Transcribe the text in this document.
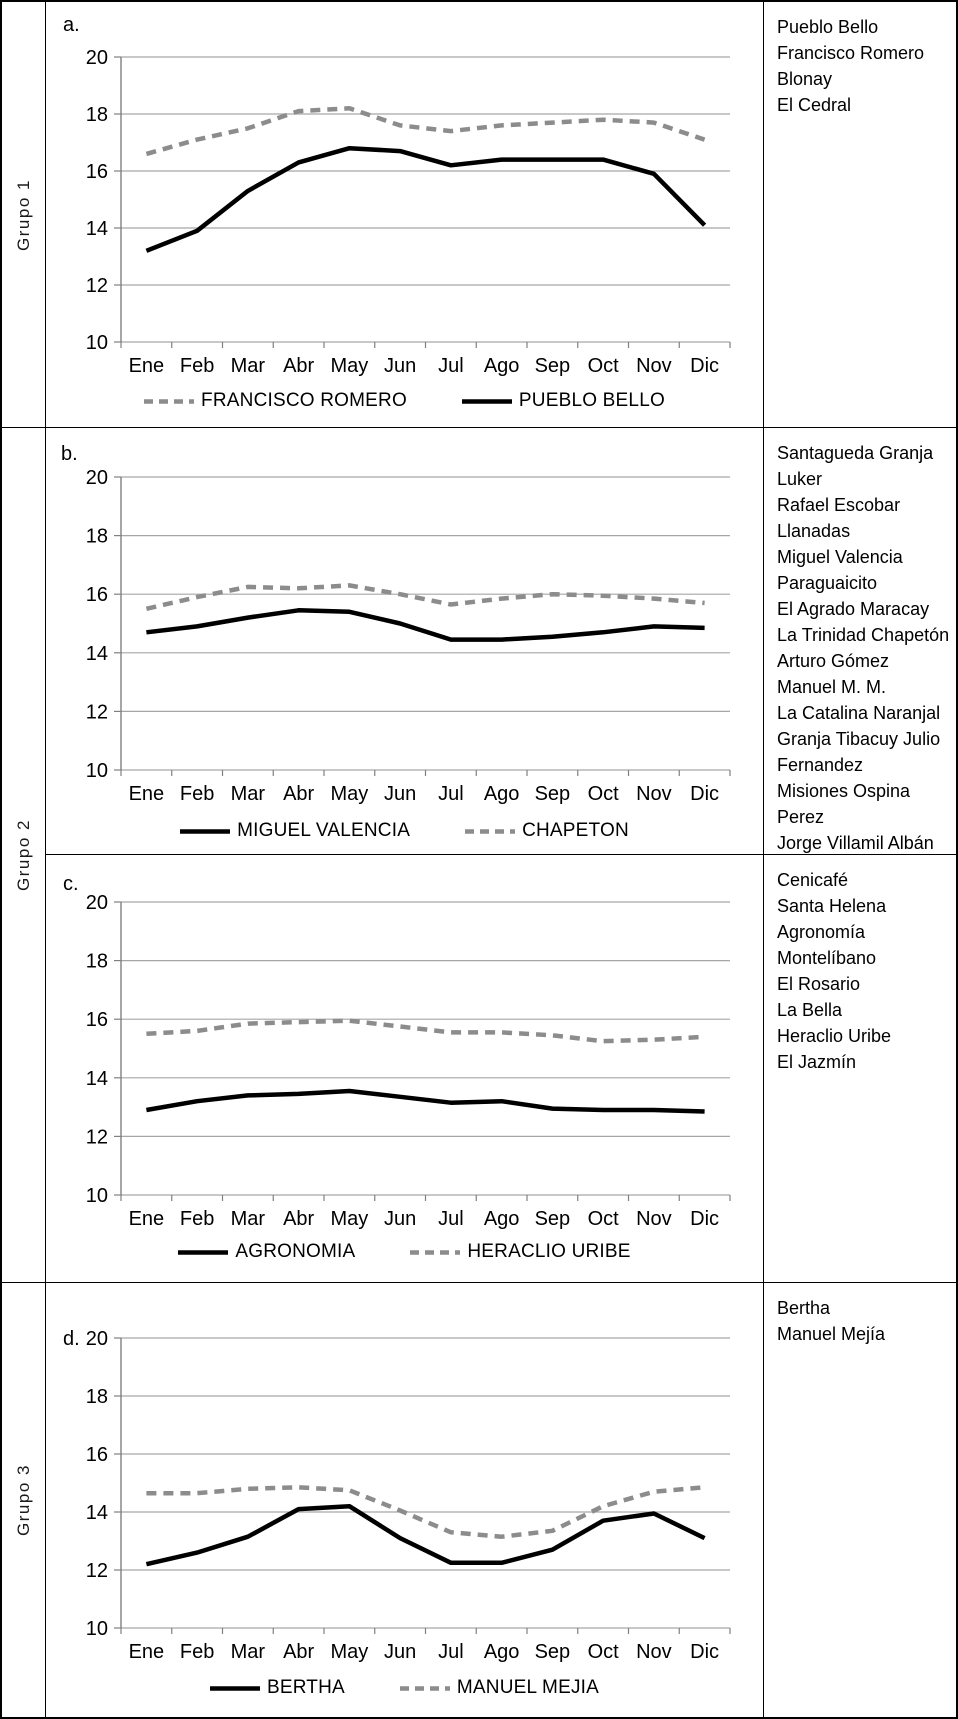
Grupo 1
10
12
14
16
18
20
Ene Feb Mar Abr May Jun Jul Ago Sep Oct Nov Dic
a.
FRANCISCO ROMERO	PUEBLO BELLO
Pueblo Bello
Francisco Romero
Blonay
El Cedral
Grupo 2
10
12
14
16
18
20
Ene Feb Mar Abr May Jun Jul Ago Sep Oct Nov Dic
b.
MIGUEL VALENCIA	CHAPETON
Santagueda Granja
Luker
Rafael Escobar
Llanadas
Miguel Valencia
Paraguaicito
El Agrado Maracay
La Trinidad Chapetón
Arturo Gómez
Manuel M. M.
La Catalina Naranjal
Granja Tibacuy Julio
Fernandez
Misiones Ospina
Perez
Jorge Villamil Albán
10
12
14
16
18
20
Ene Feb Mar Abr May Jun Jul Ago Sep Oct Nov Dic
c.
AGRONOMIA	HERACLIO URIBE
Cenicafé
Santa Helena
Agronomía
Montelíbano
El Rosario
La Bella
Heraclio Uribe
El Jazmín
Grupo 3
10
12
14
16
18
20
Ene Feb Mar Abr May Jun Jul Ago Sep Oct Nov Dic
d.
BERTHA	MANUEL MEJIA
Bertha
Manuel Mejía
